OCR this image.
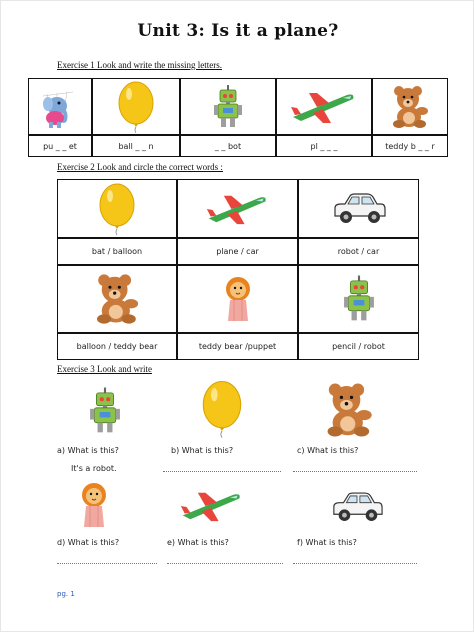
Unit 3: Is it a plane?
Exercise 1 Look and write the missing letters.
pu _ _ et	ball _ _ n	_ _ bot	pl _ _ _	teddy b _ _ r
Exercise 2 Look and circle the correct words :
bat / balloon	plane / car	robot / car
balloon / teddy bear	teddy bear /puppet	pencil / robot
Exercise 3 Look and write
a) What is this?	b) What is this?	c) What is this?
It's a robot.
d) What is this?	e) What is this?	f) What is this?
pg. 1
